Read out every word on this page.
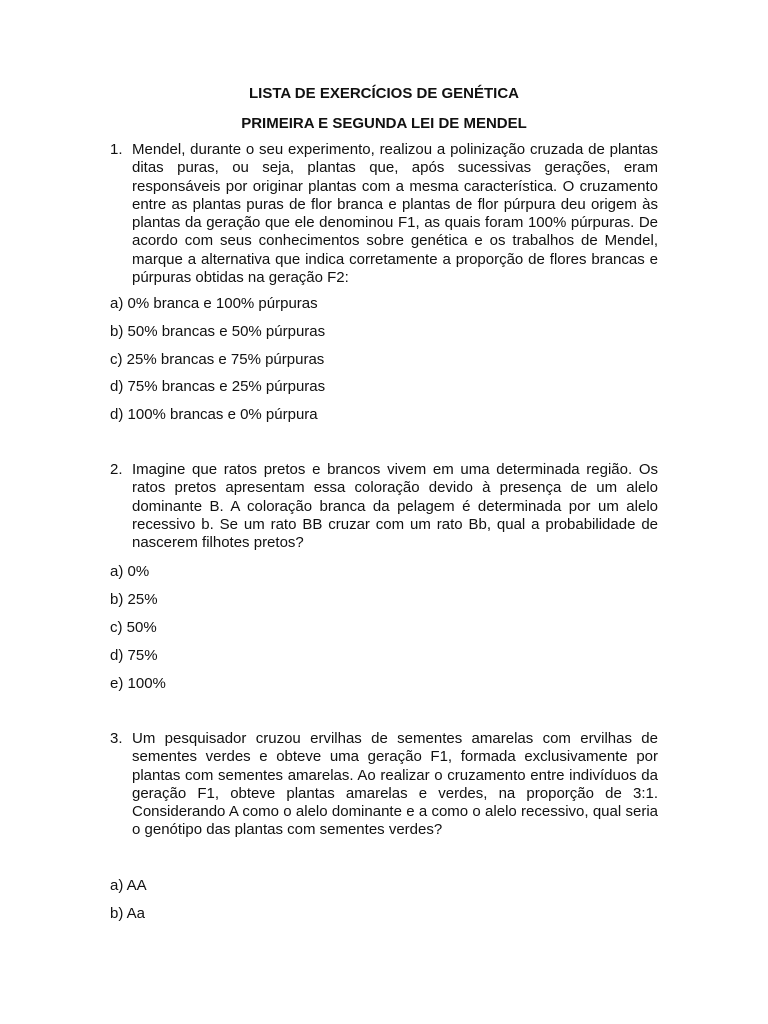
LISTA DE EXERCÍCIOS DE GENÉTICA
PRIMEIRA E SEGUNDA LEI DE MENDEL
1. Mendel, durante o seu experimento, realizou a polinização cruzada de plantas ditas puras, ou seja, plantas que, após sucessivas gerações, eram responsáveis por originar plantas com a mesma característica. O cruzamento entre as plantas puras de flor branca e plantas de flor púrpura deu origem às plantas da geração que ele denominou F1, as quais foram 100% púrpuras. De acordo com seus conhecimentos sobre genética e os trabalhos de Mendel, marque a alternativa que indica corretamente a proporção de flores brancas e púrpuras obtidas na geração F2:
a) 0% branca e 100% púrpuras
b) 50% brancas e 50% púrpuras
c) 25% brancas e 75% púrpuras
d) 75% brancas e 25% púrpuras
d) 100% brancas e 0% púrpura
2. Imagine que ratos pretos e brancos vivem em uma determinada região. Os ratos pretos apresentam essa coloração devido à presença de um alelo dominante B. A coloração branca da pelagem é determinada por um alelo recessivo b. Se um rato BB cruzar com um rato Bb, qual a probabilidade de nascerem filhotes pretos?
a) 0%
b) 25%
c) 50%
d) 75%
e) 100%
3. Um pesquisador cruzou ervilhas de sementes amarelas com ervilhas de sementes verdes e obteve uma geração F1, formada exclusivamente por plantas com sementes amarelas. Ao realizar o cruzamento entre indivíduos da geração F1, obteve plantas amarelas e verdes, na proporção de 3:1. Considerando A como o alelo dominante e a como o alelo recessivo, qual seria o genótipo das plantas com sementes verdes?
a) AA
b) Aa
